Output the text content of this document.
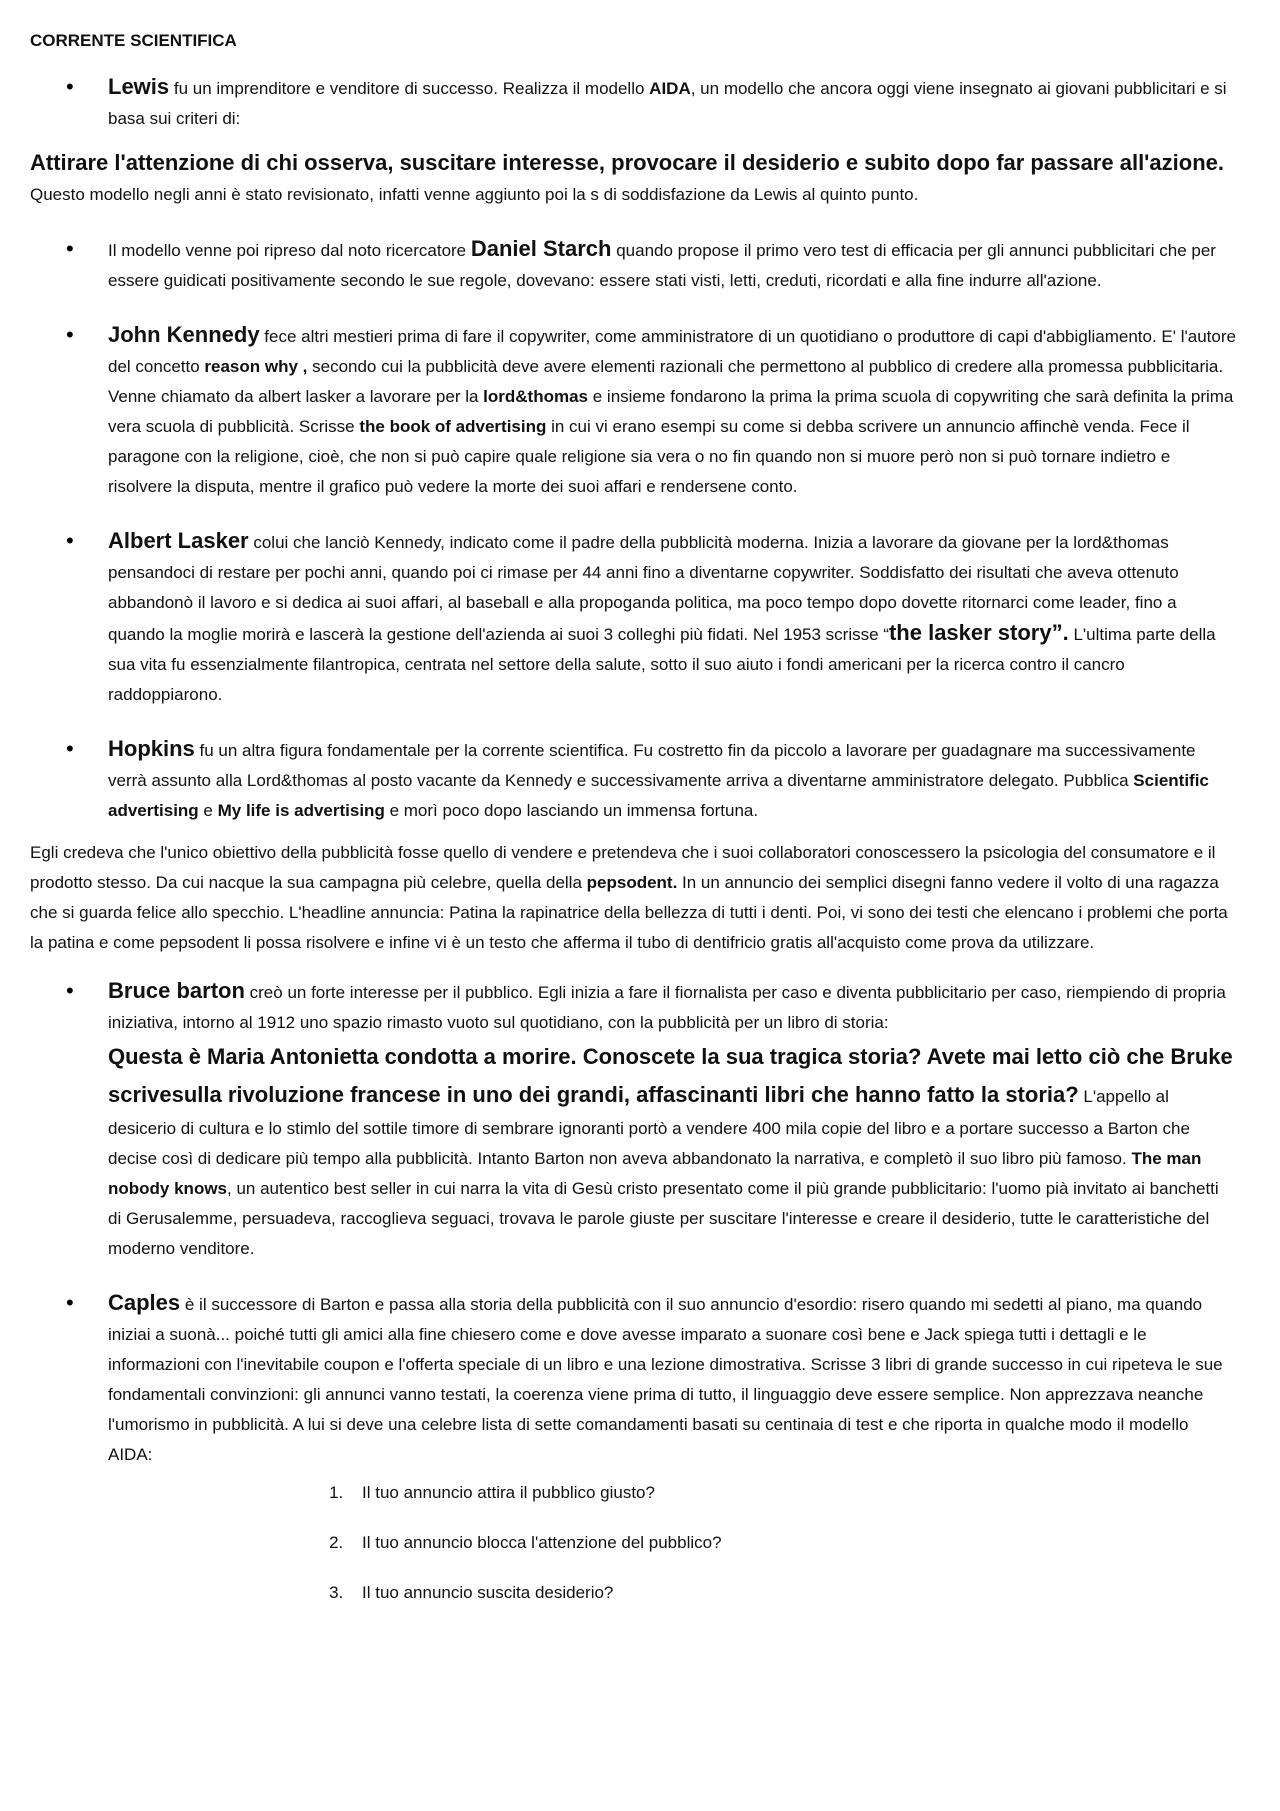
CORRENTE SCIENTIFICA
• Lewis fu un imprenditore e venditore di successo. Realizza il modello AIDA, un modello che ancora oggi viene insegnato ai giovani pubblicitari e si basa sui criteri di:
Attirare l'attenzione di chi osserva, suscitare interesse, provocare il desiderio e subito dopo far passare all'azione.

Questo modello negli anni è stato revisionato, infatti venne aggiunto poi la s di soddisfazione da Lewis al quinto punto.

• Il modello venne poi ripreso dal noto ricercatore Daniel Starch quando propose il primo vero test di efficacia per gli annunci pubblicitari che per essere guidicati positivamente secondo le sue regole, dovevano: essere stati visti, letti, creduti, ricordati e alla fine indurre all'azione.
• John Kennedy fece altri mestieri prima di fare il copywriter, come amministratore di un quotidiano o produttore di capi d'abbigliamento. E' l'autore del concetto reason why , secondo cui la pubblicità deve avere elementi razionali che permettono al pubblico di credere alla promessa pubblicitaria. Venne chiamato da albert lasker a lavorare per la lord&thomas e insieme fondarono la prima la prima scuola di copywriting che sarà definita la prima vera scuola di pubblicità. Scrisse the book of advertising in cui vi erano esempi su come si debba scrivere un annuncio affinchè venda. Fece il paragone con la religione, cioè, che non si può capire quale religione sia vera o no fin quando non si muore però non si può tornare indietro e risolvere la disputa, mentre il grafico può vedere la morte dei suoi affari e rendersene conto.
• Albert Lasker colui che lanciò Kennedy, indicato come il padre della pubblicità moderna. Inizia a lavorare da giovane per la lord&thomas pensandoci di restare per pochi anni, quando poi ci rimase per 44 anni fino a diventarne copywriter. Soddisfatto dei risultati che aveva ottenuto abbandonò il lavoro e si dedica ai suoi affari, al baseball e alla propoganda politica, ma poco tempo dopo dovette ritornarci come leader, fino a quando la moglie morirà e lascerà la gestione dell'azienda ai suoi 3 colleghi più fidati. Nel 1953 scrisse “the lasker story”. L'ultima parte della sua vita fu essenzialmente filantropica, centrata nel settore della salute, sotto il suo aiuto i fondi americani per la ricerca contro il cancro raddoppiarono.
• Hopkins fu un altra figura fondamentale per la corrente scientifica. Fu costretto fin da piccolo a lavorare per guadagnare ma successivamente verrà assunto alla Lord&thomas al posto vacante da Kennedy e successivamente arriva a diventarne amministratore delegato. Pubblica Scientific advertising e My life is advertising e morì poco dopo lasciando un immensa fortuna.

Egli credeva che l'unico obiettivo della pubblicità fosse quello di vendere e pretendeva che i suoi collaboratori conoscessero la psicologia del consumatore e il prodotto stesso. Da cui nacque la sua campagna più celebre, quella della pepsodent. In un annuncio dei semplici disegni fanno vedere il volto di una ragazza che si guarda felice allo specchio. L'headline annuncia: Patina la rapinatrice della bellezza di tutti i denti. Poi, vi sono dei testi che elencano i problemi che porta la patina e come pepsodent li possa risolvere e infine vi è un testo che afferma il tubo di dentifricio gratis all'acquisto come prova da utilizzare.

• Bruce barton creò un forte interesse per il pubblico. Egli inizia a fare il fiornalista per caso e diventa pubblicitario per caso, riempiendo di propria iniziativa, intorno al 1912 uno spazio rimasto vuoto sul quotidiano, con la pubblicità per un libro di storia:
Questa è Maria Antonietta condotta a morire. Conoscete la sua tragica storia? Avete mai letto ciò che Bruke scrivesulla rivoluzione francese in uno dei grandi, affascinanti libri che hanno fatto la storia? L'appello al desicerio di cultura e lo stimlo del sottile timore di sembrare ignoranti portò a vendere 400 mila copie del libro e a portare successo a Barton che decise così di dedicare più tempo alla pubblicità. Intanto Barton non aveva abbandonato la narrativa, e completò il suo libro più famoso. The man nobody knows, un autentico best seller in cui narra la vita di Gesù cristo presentato come il più grande pubblicitario: l'uomo pià invitato ai banchetti di Gerusalemme, persuadeva, raccoglieva seguaci, trovava le parole giuste per suscitare l'interesse e creare il desiderio, tutte le caratteristiche del moderno venditore.
• Caples è il successore di Barton e passa alla storia della pubblicità con il suo annuncio d'esordio: risero quando mi sedetti al piano, ma quando iniziai a suonà... poiché tutti gli amici alla fine chiesero come e dove avesse imparato a suonare così bene e Jack spiega tutti i dettagli e le informazioni con l'inevitabile coupon e l'offerta speciale di un libro e una lezione dimostrativa. Scrisse 3 libri di grande successo in cui ripeteva le sue fondamentali convinzioni: gli annunci vanno testati, la coerenza viene prima di tutto, il linguaggio deve essere semplice. Non apprezzava neanche l'umorismo in pubblicità. A lui si deve una celebre lista di sette comandamenti basati su centinaia di test e che riporta in qualche modo il modello AIDA:
1. Il tuo annuncio attira il pubblico giusto?
2. Il tuo annuncio blocca l'attenzione del pubblico?
3. Il tuo annuncio suscita desiderio?
